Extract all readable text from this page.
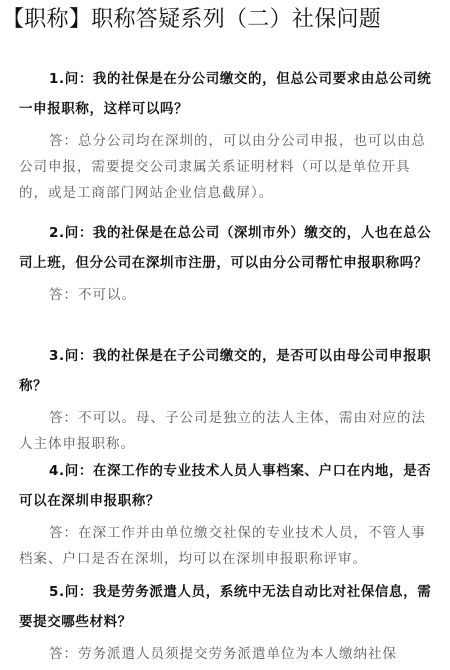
【职称】职称答疑系列（二）社保问题

1.问：我的社保是在分公司缴交的，但总公司要求由总公司统一申报职称，这样可以吗？

答：总分公司均在深圳的，可以由分公司申报，也可以由总公司申报，需要提交公司隶属关系证明材料（可以是单位开具的，或是工商部门网站企业信息截屏）。

2.问：我的社保是在总公司（深圳市外）缴交的，人也在总公司上班，但分公司在深圳市注册，可以由分公司帮忙申报职称吗？

答：不可以。

3.问：我的社保是在子公司缴交的，是否可以由母公司申报职称？

答：不可以。母、子公司是独立的法人主体，需由对应的法人主体申报职称。

4.问：在深工作的专业技术人员人事档案、户口在内地，是否可以在深圳申报职称？

答：在深工作并由单位缴交社保的专业技术人员，不管人事档案、户口是否在深圳，均可以在深圳申报职称评审。

5.问：我是劳务派遣人员，系统中无法自动比对社保信息，需要提交哪些材料？

答：劳务派遣人员须提交劳务派遣单位为本人缴纳社保
